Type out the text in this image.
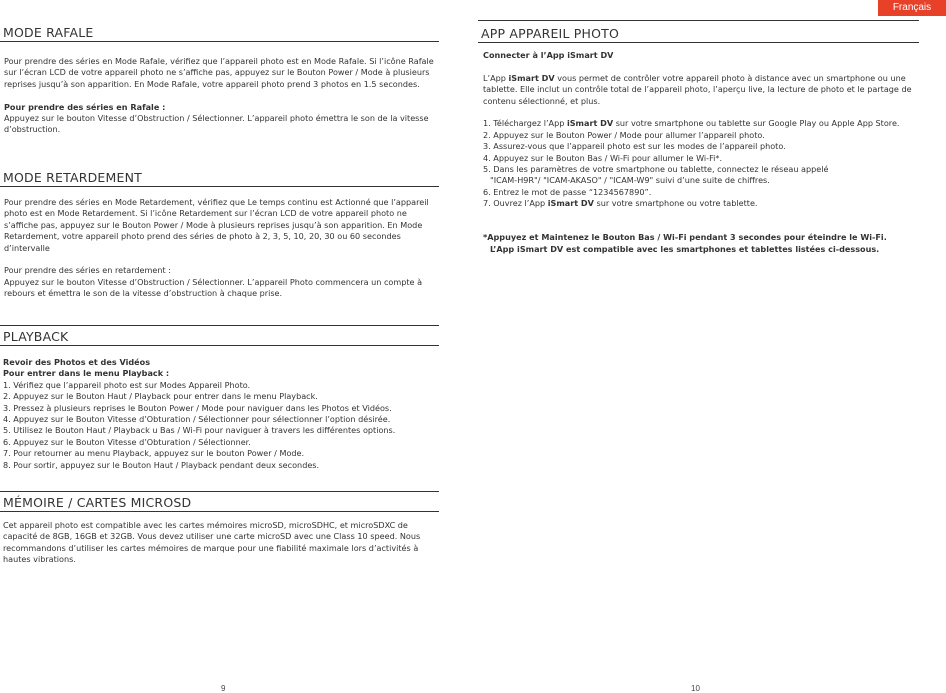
Français
MODE RAFALE

Pour prendre des séries en Mode Rafale, vérifiez que l’appareil photo est en Mode Rafale. Si l’icône Rafale sur l’écran LCD de votre appareil photo ne s’affiche pas, appuyez sur le Bouton Power / Mode à plusieurs reprises jusqu’à son apparition. En Mode Rafale, votre appareil photo prend 3 photos en 1.5 secondes.

Pour prendre des séries en Rafale :

Appuyez sur le bouton Vitesse d’Obstruction / Sélectionner. L’appareil photo émettra le son de la vitesse d’obstruction.

MODE RETARDEMENT

Pour prendre des séries en Mode Retardement, vérifiez que Le temps continu est Actionné que l’appareil photo est en Mode Retardement. Si l’icône Retardement sur l’écran LCD de votre appareil photo ne s’affiche pas, appuyez sur le Bouton Power / Mode à plusieurs reprises jusqu’à son apparition. En Mode Retardement, votre appareil photo prend des séries de photo à 2, 3, 5, 10, 20, 30 ou 60 secondes d’intervalle

Pour prendre des séries en retardement :

Appuyez sur le bouton Vitesse d’Obstruction / Sélectionner. L’appareil Photo commencera un compte à rebours et émettra le son de la vitesse d’obstruction à chaque prise.

PLAYBACK

Revoir des Photos et des Vidéos

Pour entrer dans le menu Playback :

1. Vérifiez que l’appareil photo est sur Modes Appareil Photo.

2. Appuyez sur le Bouton Haut / Playback pour entrer dans le menu Playback.

3. Pressez à plusieurs reprises le Bouton Power / Mode pour naviguer dans les Photos et Vidéos.

4. Appuyez sur le Bouton Vitesse d’Obturation / Sélectionner pour sélectionner l’option désirée.

5. Utilisez le Bouton Haut / Playback u Bas / Wi-Fi pour naviguer à travers les différentes options.

6. Appuyez sur le Bouton Vitesse d’Obturation / Sélectionner.

7. Pour retourner au menu Playback, appuyez sur le bouton Power / Mode.

8. Pour sortir, appuyez sur le Bouton Haut / Playback pendant deux secondes.

MÉMOIRE / CARTES MICROSD

Cet appareil photo est compatible avec les cartes mémoires microSD, microSDHC, et microSDXC de capacité de 8GB, 16GB et 32GB. Vous devez utiliser une carte microSD avec une Class 10 speed. Nous recommandons d’utiliser les cartes mémoires de marque pour une fiabilité maximale lors d’activités à hautes vibrations.

9
APP APPAREIL PHOTO

Connecter à l’App iSmart DV

L’App iSmart DV vous permet de contrôler votre appareil photo à distance avec un smartphone ou une tablette. Elle inclut un contrôle total de l’appareil photo, l’aperçu live, la lecture de photo et le partage de contenu sélectionné, et plus.

1. Téléchargez l’App iSmart DV sur votre smartphone ou tablette sur Google Play ou Apple App Store.

2. Appuyez sur le Bouton Power / Mode pour allumer l’appareil photo.

3. Assurez-vous que l’appareil photo est sur les modes de l’appareil photo.

4. Appuyez sur le Bouton Bas / Wi-Fi pour allumer le Wi-Fi*.

5. Dans les paramètres de votre smartphone ou tablette, connectez le réseau appelé

"ICAM-H9R"/ "ICAM-AKASO" / "ICAM-W9" suivi d’une suite de chiffres.

6. Entrez le mot de passe “1234567890”.

7. Ouvrez l’App iSmart DV sur votre smartphone ou votre tablette.

*Appuyez et Maintenez le Bouton Bas / Wi-Fi pendant 3 secondes pour éteindre le Wi-Fi.

L’App iSmart DV est compatible avec les smartphones et tablettes listées ci-dessous.

10
